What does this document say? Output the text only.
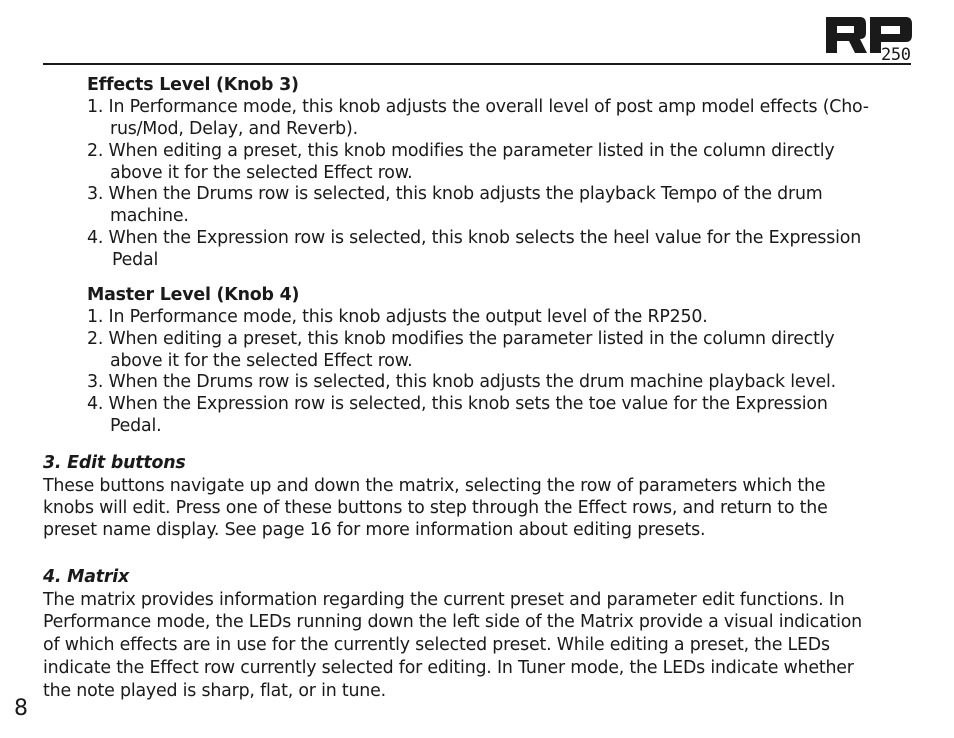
250
Effects Level (Knob 3)
1. In Performance mode, this knob adjusts the overall level of post amp model effects (Cho-
rus/Mod, Delay, and Reverb).
2. When editing a preset, this knob modifies the parameter listed in the column directly
above it for the selected Effect row.
3. When the Drums row is selected, this knob adjusts the playback Tempo of the drum
machine.
4. When the Expression row is selected, this knob selects the heel value for the Expression
Pedal
Master Level (Knob 4)
1. In Performance mode, this knob adjusts the output level of the RP250.
2. When editing a preset, this knob modifies the parameter listed in the column directly
above it for the selected Effect row.
3. When the Drums row is selected, this knob adjusts the drum machine playback level.
4. When the Expression row is selected, this knob sets the toe value for the Expression
Pedal.
3. Edit buttons
These buttons navigate up and down the matrix, selecting the row of parameters which the
knobs will edit. Press one of these buttons to step through the Effect rows, and return to the
preset name display. See page 16 for more information about editing presets.
4. Matrix
The matrix provides information regarding the current preset and parameter edit functions. In
Performance mode, the LEDs running down the left side of the Matrix provide a visual indication
of which effects are in use for the currently selected preset. While editing a preset, the LEDs
indicate the Effect row currently selected for editing. In Tuner mode, the LEDs indicate whether
the note played is sharp, flat, or in tune.
8
